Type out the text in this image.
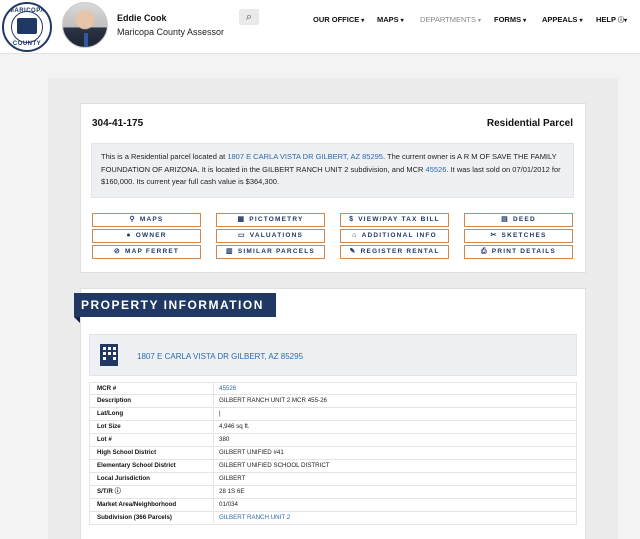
MARICOPA
COUNTY
Eddie Cook
Maricopa County Assessor
⌕	OUR OFFICE ▾ MAPS ▾ DEPARTMENTS ▾ FORMS ▾ APPEALS ▾ HELP ⓘ▾
304-41-175	Residential Parcel
This is a Residential parcel located at 1807 E CARLA VISTA DR GILBERT, AZ 85295. The current owner is A R M OF SAVE THE FAMILY FOUNDATION OF ARIZONA. It is located in the GILBERT RANCH UNIT 2 subdivision, and MCR 45526. It was last sold on 07/01/2012 for $160,000. Its current year full cash value is $364,300.
⚲ MAPS	▦ PICTOMETRY	$ VIEW/PAY TAX BILL	▤ DEED
● OWNER	▭ VALUATIONS	⌂ ADDITIONAL INFO	✂ SKETCHES
⊘ MAP FERRET	▥ SIMILAR PARCELS	✎ REGISTER RENTAL	⎙ PRINT DETAILS
PROPERTY INFORMATION
1807 E CARLA VISTA DR GILBERT, AZ 85295
MCR #	45526
Description	GILBERT RANCH UNIT 2 MCR 455-26
Lat/Long	|
Lot Size	4,946 sq ft.
Lot #	380
High School District	GILBERT UNIFIED #41
Elementary School District	GILBERT UNIFIED SCHOOL DISTRICT
Local Jurisdiction	GILBERT
S/T/R ⓘ	28 1S 6E
Market Area/Neighborhood	01/034
Subdivision (366 Parcels)	GILBERT RANCH UNIT 2
